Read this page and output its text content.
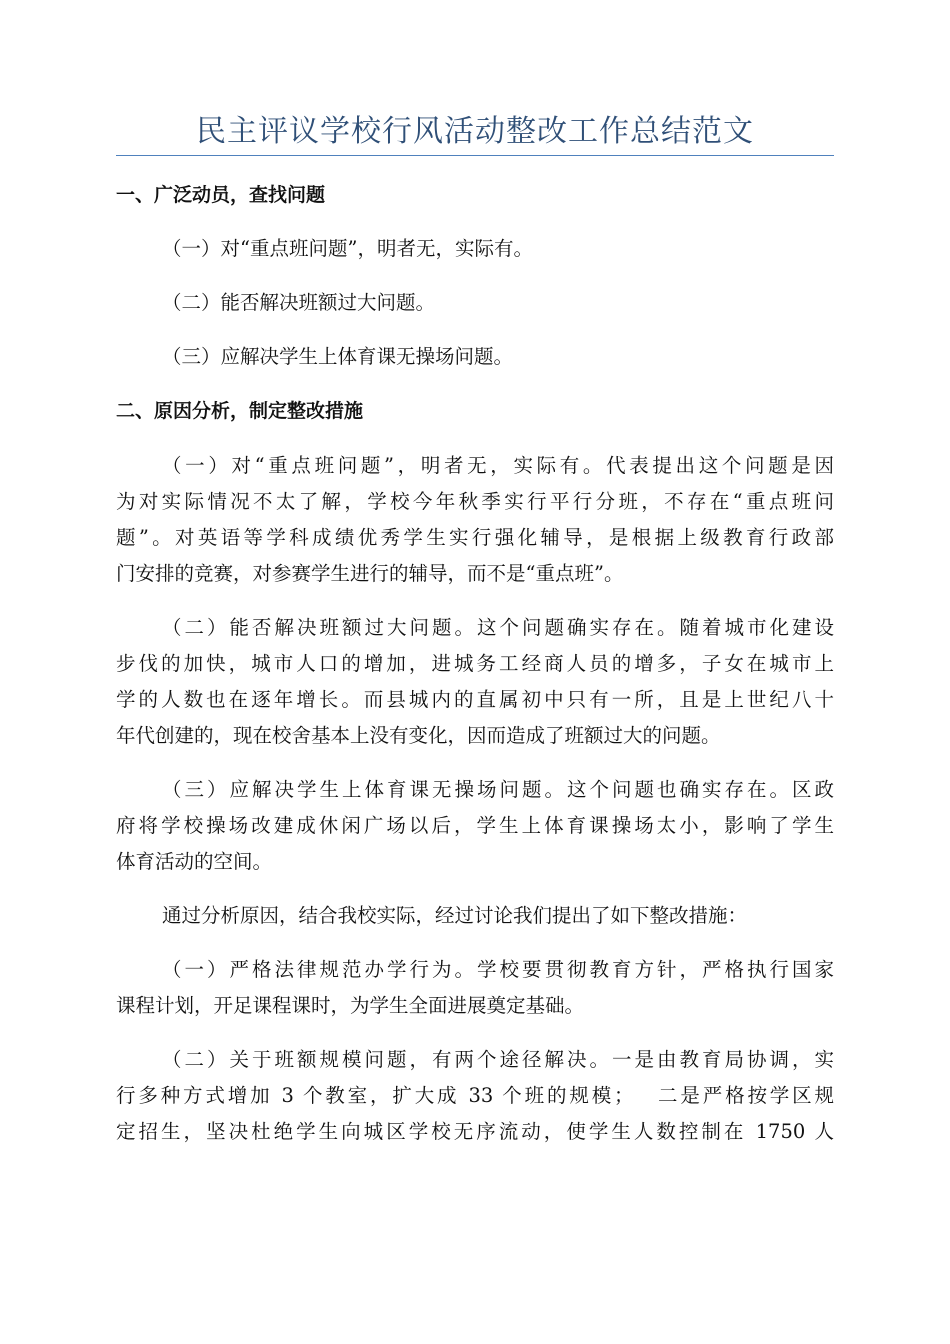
民主评议学校行风活动整改工作总结范文
一、广泛动员，查找问题
（一）对“重点班问题”，明者无，实际有。
（二）能否解决班额过大问题。
（三）应解决学生上体育课无操场问题。
二、原因分析，制定整改措施
（一）对“重点班问题”，明者无，实际有。代表提出这个问题是因
为对实际情况不太了解，学校今年秋季实行平行分班，不存在“重点班问
题”。对英语等学科成绩优秀学生实行强化辅导，是根据上级教育行政部
门安排的竞赛，对参赛学生进行的辅导，而不是“重点班”。
（二）能否解决班额过大问题。这个问题确实存在。随着城市化建设
步伐的加快，城市人口的增加，进城务工经商人员的增多，子女在城市上
学的人数也在逐年增长。而县城内的直属初中只有一所，且是上世纪八十
年代创建的，现在校舍基本上没有变化，因而造成了班额过大的问题。
（三）应解决学生上体育课无操场问题。这个问题也确实存在。区政
府将学校操场改建成休闲广场以后，学生上体育课操场太小，影响了学生
体育活动的空间。
通过分析原因，结合我校实际，经过讨论我们提出了如下整改措施：
（一）严格法律规范办学行为。学校要贯彻教育方针，严格执行国家
课程计划，开足课程课时，为学生全面进展奠定基础。
（二）关于班额规模问题，有两个途径解决。一是由教育局协调，实
行多种方式增加 3 个教室，扩大成 33 个班的规模；　 二是严格按学区规
定招生，坚决杜绝学生向城区学校无序流动，使学生人数控制在 1750 人
